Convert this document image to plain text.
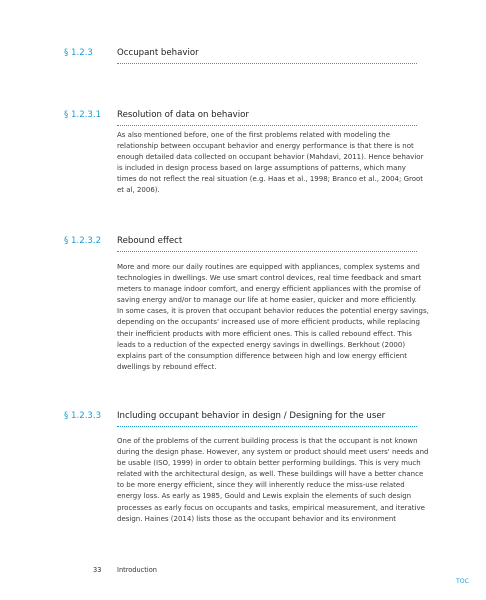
§ 1.2.3	Occupant behavior
§ 1.2.3.1 Resolution of data on behavior
As also mentioned before, one of the first problems related with modeling the
relationship between occupant behavior and energy performance is that there is not
enough detailed data collected on occupant behavior (Mahdavi, 2011). Hence behavior
is included in design process based on large assumptions of patterns, which many
times do not reflect the real situation (e.g. Haas et al., 1998; Branco et al., 2004; Groot
et al, 2006).
§ 1.2.3.2 Rebound effect
More and more our daily routines are equipped with appliances, complex systems and
technologies in dwellings. We use smart control devices, real time feedback and smart
meters to manage indoor comfort, and energy efficient appliances with the promise of
saving energy and/or to manage our life at home easier, quicker and more efficiently.
In some cases, it is proven that occupant behavior reduces the potential energy savings,
depending on the occupants' increased use of more efficient products, while replacing
their inefficient products with more efficient ones. This is called rebound effect. This
leads to a reduction of the expected energy savings in dwellings. Berkhout (2000)
explains part of the consumption difference between high and low energy efficient
dwellings by rebound effect.
§ 1.2.3.3 Including occupant behavior in design / Designing for the user
One of the problems of the current building process is that the occupant is not known
during the design phase. However, any system or product should meet users' needs and
be usable (ISO, 1999) in order to obtain better performing buildings. This is very much
related with the architectural design, as well. These buildings will have a better chance
to be more energy efficient, since they will inherently reduce the miss-use related
energy loss. As early as 1985, Gould and Lewis explain the elements of such design
processes as early focus on occupants and tasks, empirical measurement, and iterative
design. Haines (2014) lists those as the occupant behavior and its environment
33 Introduction
TOC
